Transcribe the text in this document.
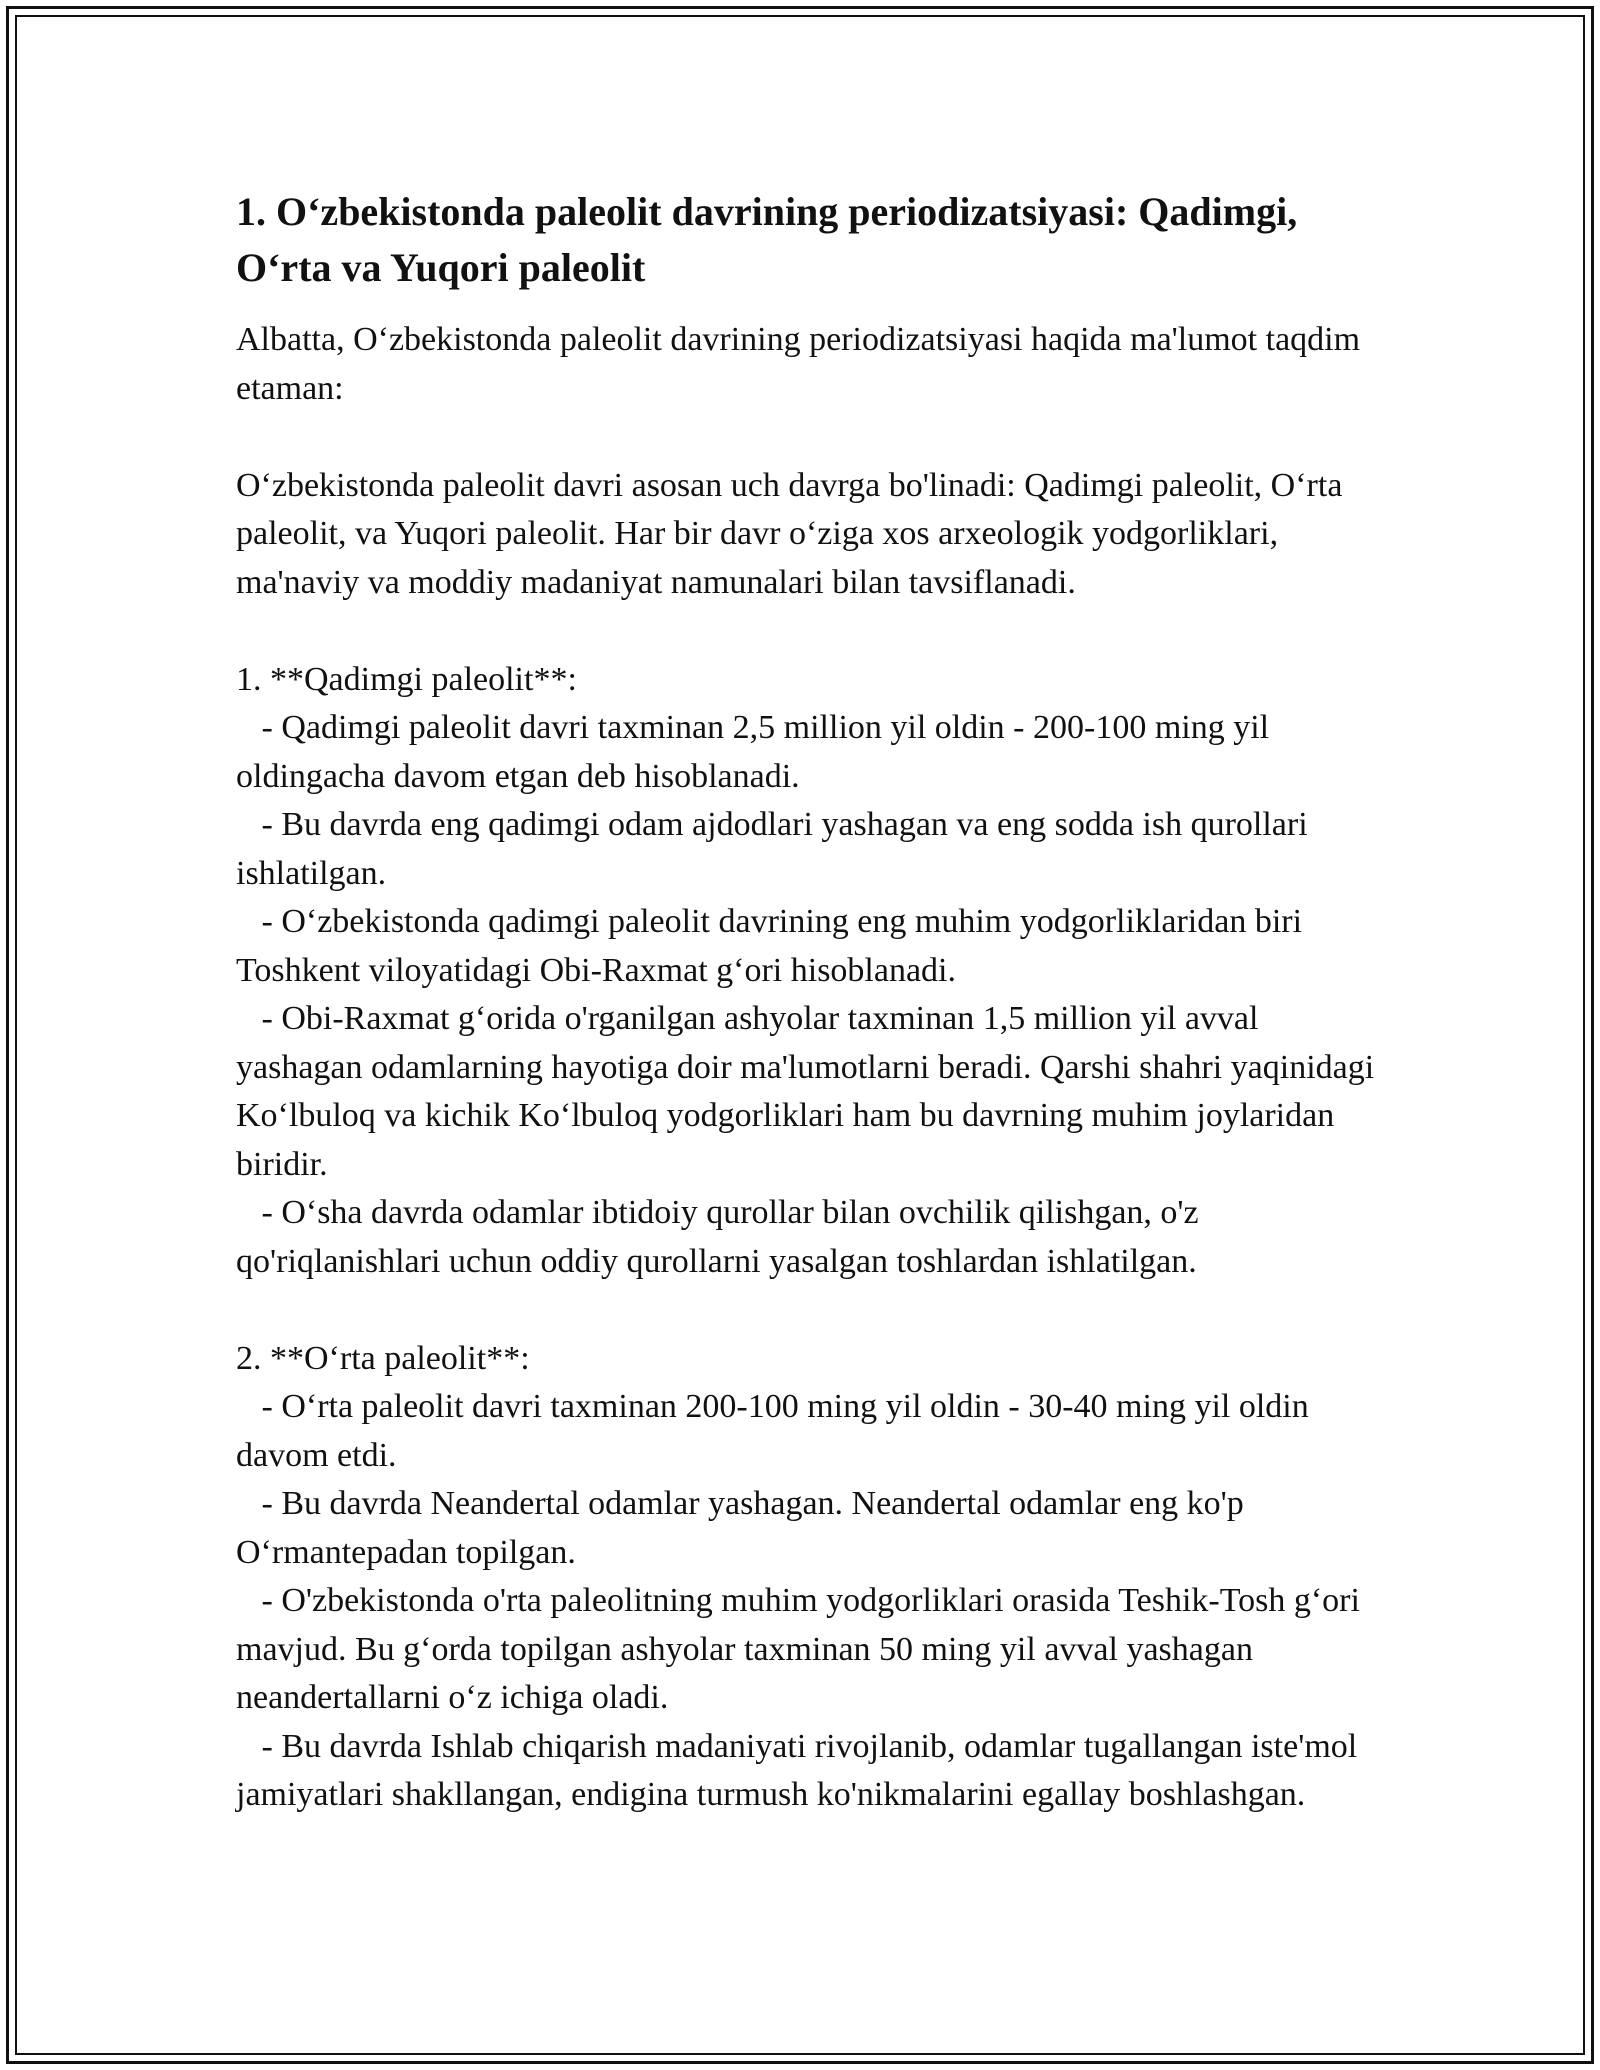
1. O‘zbekistonda paleolit davrining periodizatsiyasi: Qadimgi, O‘rta va Yuqori paleolit

Albatta, O‘zbekistonda paleolit davrining periodizatsiyasi haqida ma'lumot taqdim etaman:

O‘zbekistonda paleolit davri asosan uch davrga bo'linadi: Qadimgi paleolit, O‘rta paleolit, va Yuqori paleolit. Har bir davr o‘ziga xos arxeologik yodgorliklari, ma'naviy va moddiy madaniyat namunalari bilan tavsiflanadi.

1. **Qadimgi paleolit**:

- Qadimgi paleolit davri taxminan 2,5 million yil oldin - 200-100 ming yil oldingacha davom etgan deb hisoblanadi.

- Bu davrda eng qadimgi odam ajdodlari yashagan va eng sodda ish qurollari ishlatilgan.

- O‘zbekistonda qadimgi paleolit davrining eng muhim yodgorliklaridan biri Toshkent viloyatidagi Obi-Raxmat g‘ori hisoblanadi.

- Obi-Raxmat g‘orida o'rganilgan ashyolar taxminan 1,5 million yil avval yashagan odamlarning hayotiga doir ma'lumotlarni beradi. Qarshi shahri yaqinidagi Ko‘lbuloq va kichik Ko‘lbuloq yodgorliklari ham bu davrning muhim joylaridan biridir.

- O‘sha davrda odamlar ibtidoiy qurollar bilan ovchilik qilishgan, o'z qo'riqlanishlari uchun oddiy qurollarni yasalgan toshlardan ishlatilgan.

2. **O‘rta paleolit**:

- O‘rta paleolit davri taxminan 200-100 ming yil oldin - 30-40 ming yil oldin davom etdi.

- Bu davrda Neandertal odamlar yashagan. Neandertal odamlar eng ko'p O‘rmantepadan topilgan.

- O'zbekistonda o'rta paleolitning muhim yodgorliklari orasida Teshik-Tosh g‘ori mavjud. Bu g‘orda topilgan ashyolar taxminan 50 ming yil avval yashagan neandertallarni o‘z ichiga oladi.

- Bu davrda Ishlab chiqarish madaniyati rivojlanib, odamlar tugallangan iste'mol jamiyatlari shakllangan, endigina turmush ko'nikmalarini egallay boshlashgan.
